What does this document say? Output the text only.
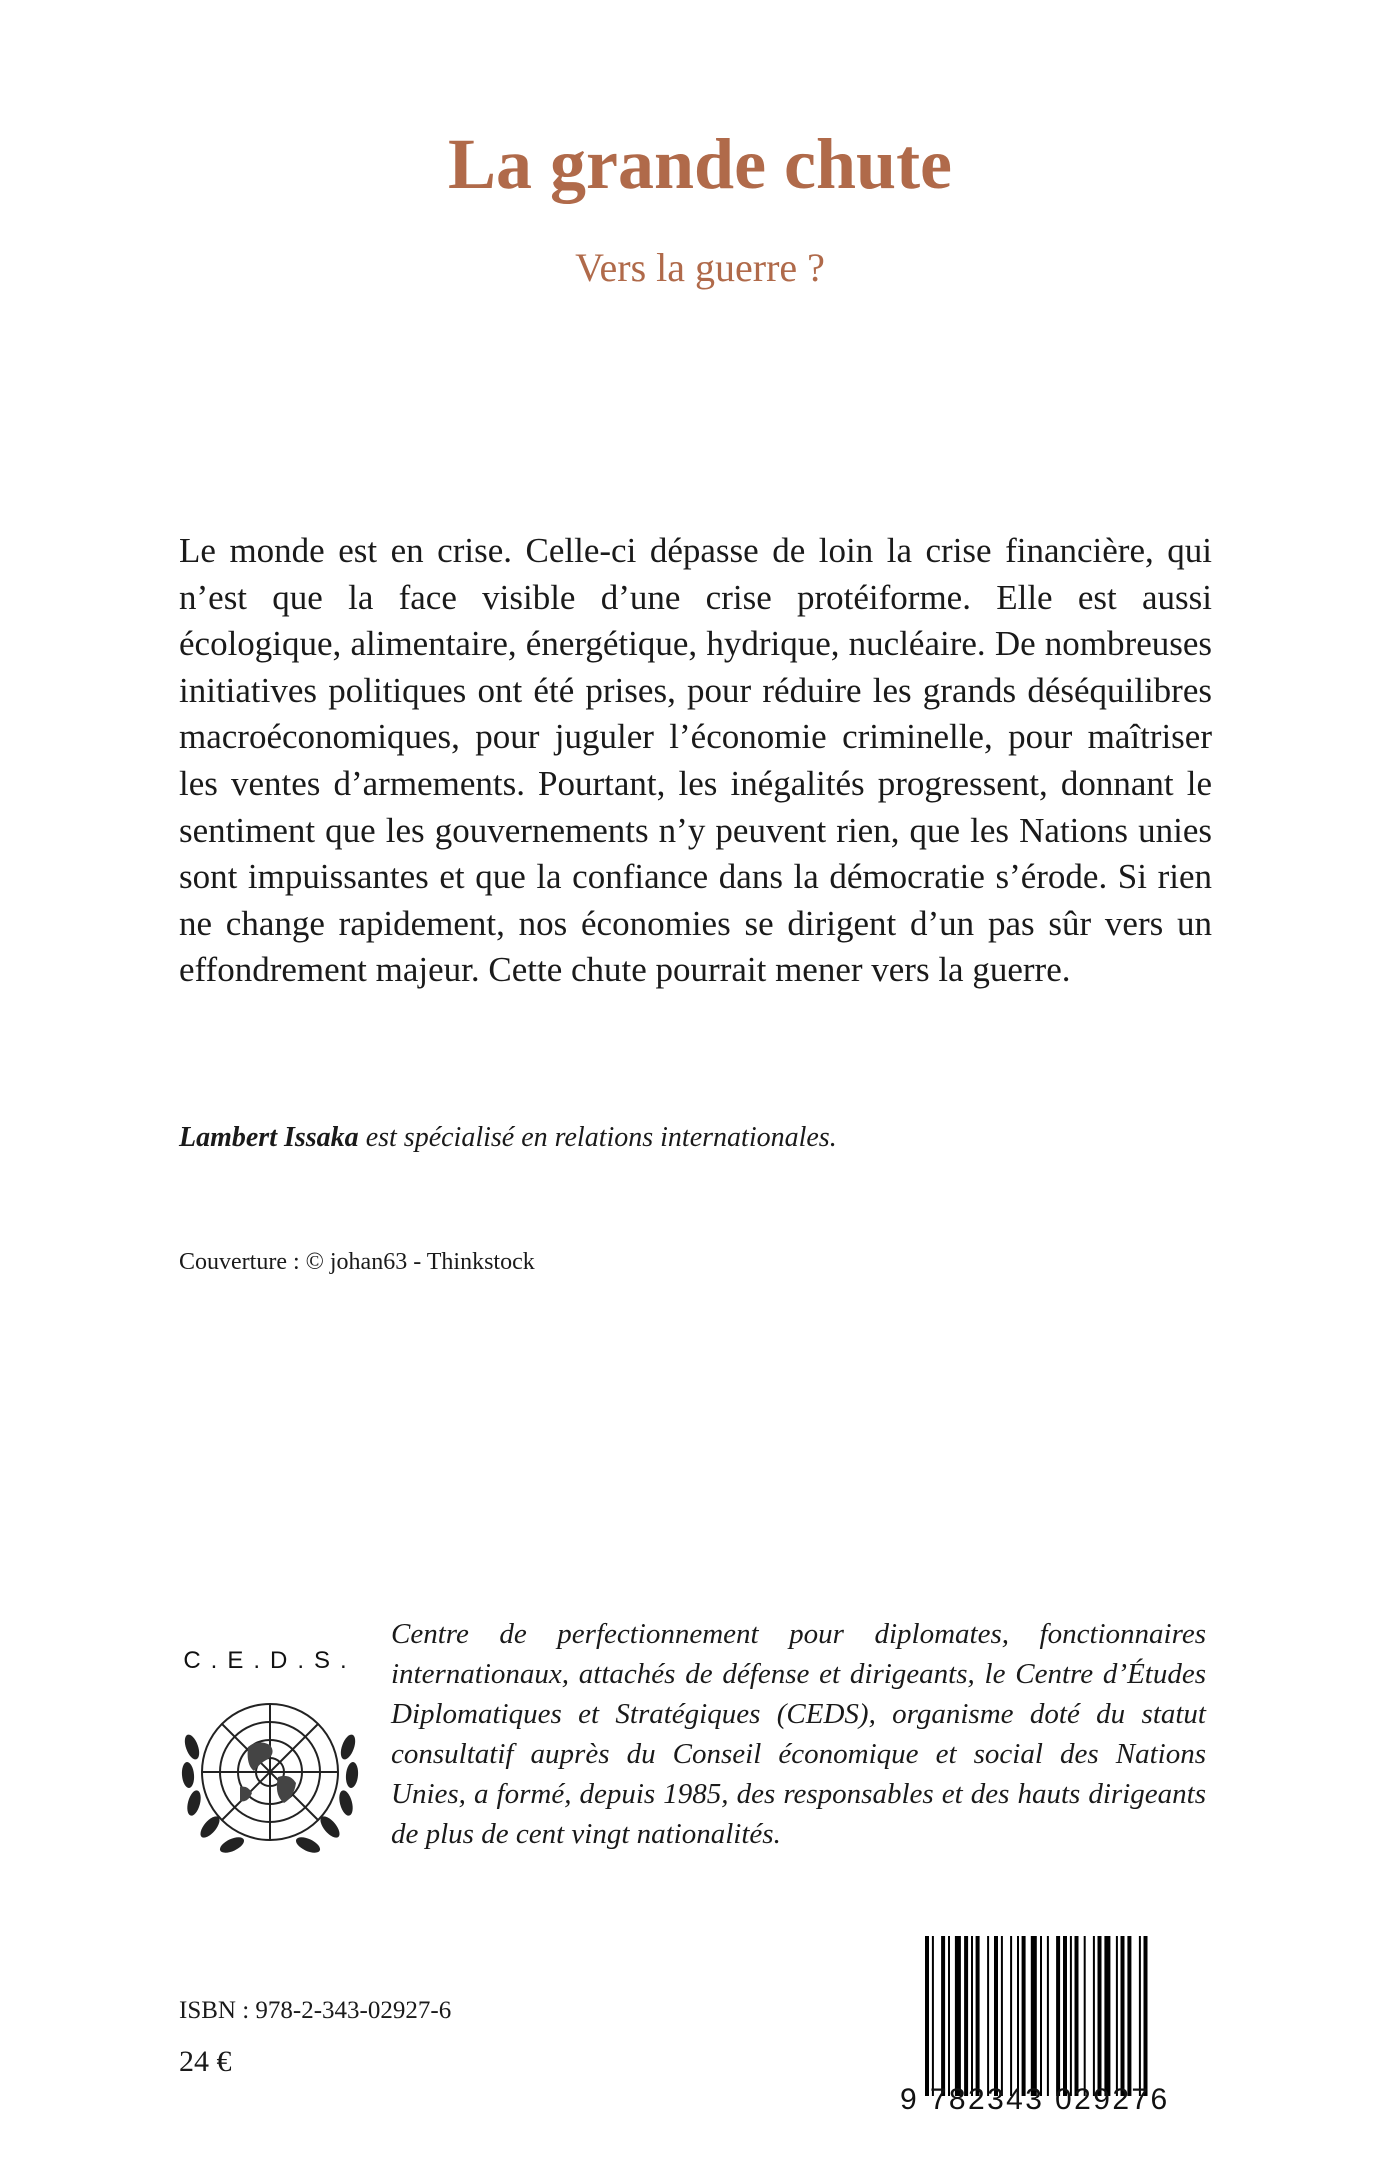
La grande chute
Vers la guerre ?
Le monde est en crise. Celle-ci dépasse de loin la crise financière, qui n’est que la face visible d’une crise protéiforme. Elle est aussi écologique, alimentaire, énergétique, hydrique, nucléaire. De nombreuses initiatives politiques ont été prises, pour réduire les grands déséquilibres macroéconomiques, pour juguler l’économie criminelle, pour maîtriser les ventes d’armements. Pourtant, les inégalités progressent, donnant le sentiment que les gouvernements n’y peuvent rien, que les Nations unies sont impuissantes et que la confiance dans la démocratie s’érode. Si rien ne change rapidement, nos économies se dirigent d’un pas sûr vers un effondrement majeur. Cette chute pourrait mener vers la guerre.
Lambert Issaka est spécialisé en relations internationales.
Couverture : © johan63 - Thinkstock
C.E.D.S.
Centre de perfectionnement pour diplomates, fonctionnaires internationaux, attachés de défense et dirigeants, le Centre d’Études Diplomatiques et Stratégiques (CEDS), organisme doté du statut consultatif auprès du Conseil économique et social des Nations Unies, a formé, depuis 1985, des responsables et des hauts dirigeants de plus de cent vingt nationalités.
ISBN : 978-2-343-02927-6
24 €
9 782343 029276
